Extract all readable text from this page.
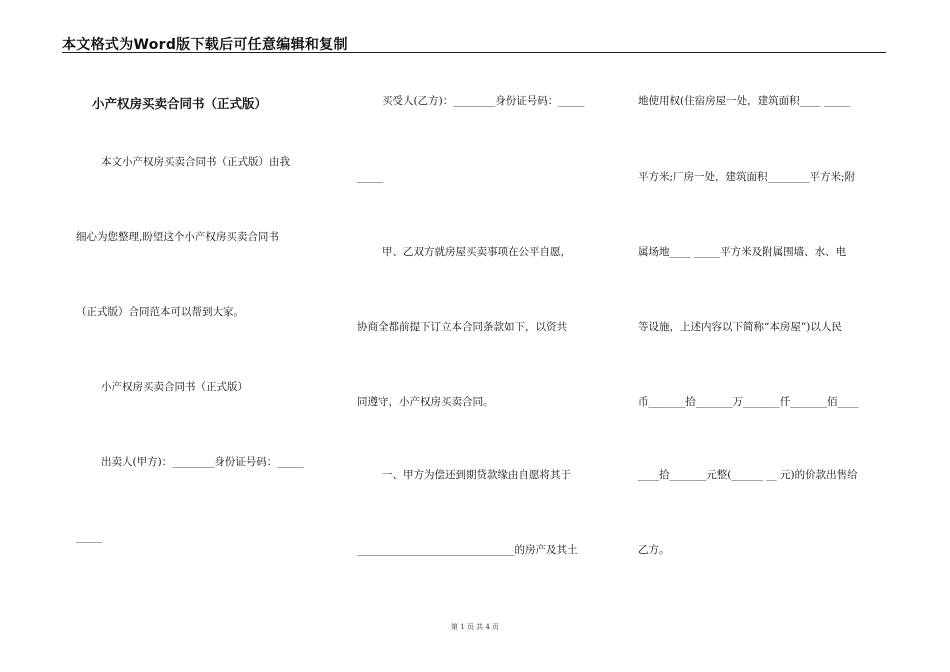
本文格式为Word版下载后可任意编辑和复制
小产权房买卖合同书（正式版）
本文小产权房买卖合同书（正式版）由我
细心为您整理,盼望这个小产权房买卖合同书
（正式版）合同范本可以帮到大家。
小产权房买卖合同书（正式版）
出卖人(甲方)：________身份证号码：_____
_____
买受人(乙方)：________身份证号码：_____
_____
甲、乙双方就房屋买卖事项在公平自愿，
协商全都前提下订立本合同条款如下，以资共
同遵守，小产权房买卖合同。
一、甲方为偿还到期贷款缘由自愿将其于
______________________________的房产及其土
地使用权(住宿房屋一处，建筑面积____ _____
平方米;厂房一处，建筑面积________平方米;附
属场地____ _____平方米及附属围墙、水、电
等设施，上述内容以下简称“本房屋”)以人民
币_______拾_______万_______仟_______佰____
____拾_______元整(______ __ 元)的价款出售给
乙方。
第 1 页 共 4 页
